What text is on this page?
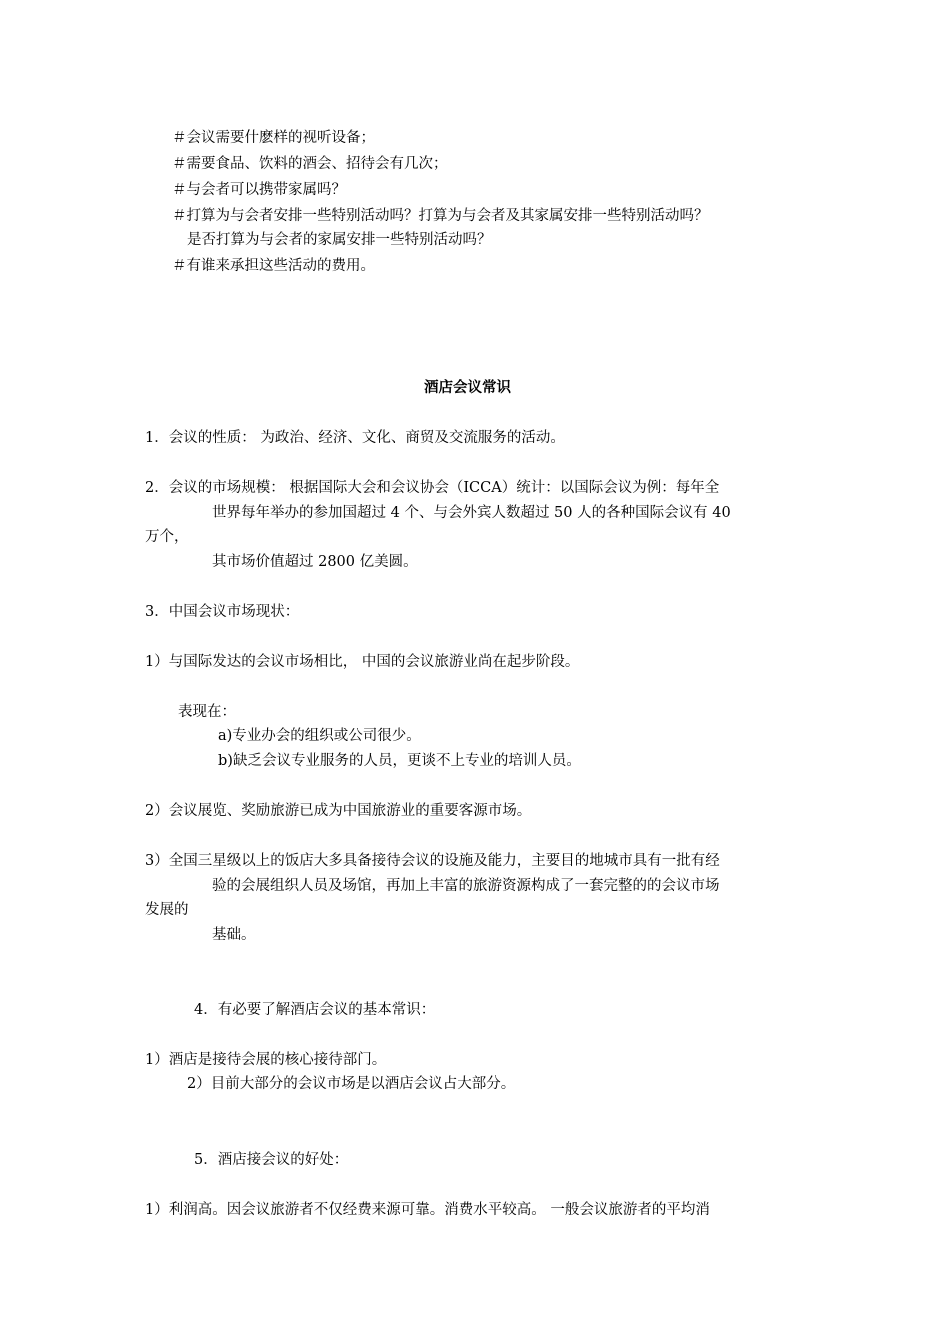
＃会议需要什麽样的视听设备；
＃需要食品、饮料的酒会、招待会有几次；
＃与会者可以携带家属吗？
＃打算为与会者安排一些特别活动吗？打算为与会者及其家属安排一些特别活动吗？
是否打算为与会者的家属安排一些特别活动吗？
＃有谁来承担这些活动的费用。
酒店会议常识
1．会议的性质： 为政治、经济、文化、商贸及交流服务的活动。
2．会议的市场规模： 根据国际大会和会议协会（ICCA）统计：以国际会议为例：每年全
世界每年举办的参加国超过 4 个、与会外宾人数超过 50 人的各种国际会议有 40
万个，
其市场价值超过 2800 亿美圆。
3．中国会议市场现状：
1）与国际发达的会议市场相比， 中国的会议旅游业尚在起步阶段。
表现在：
a)专业办会的组织或公司很少。
b)缺乏会议专业服务的人员，更谈不上专业的培训人员。
2）会议展览、奖励旅游已成为中国旅游业的重要客源市场。
3）全国三星级以上的饭店大多具备接待会议的设施及能力，主要目的地城市具有一批有经
验的会展组织人员及场馆，再加上丰富的旅游资源构成了一套完整的的会议市场
发展的
基础。
4．有必要了解酒店会议的基本常识：
1）酒店是接待会展的核心接待部门。
2）目前大部分的会议市场是以酒店会议占大部分。
5．酒店接会议的好处：
1）利润高。因会议旅游者不仅经费来源可靠。消费水平较高。 一般会议旅游者的平均消
